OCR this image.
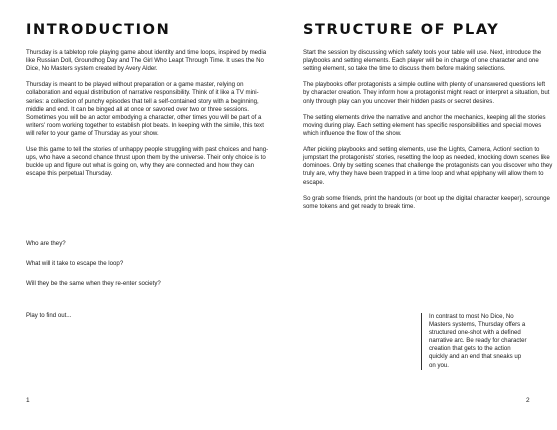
INTRODUCTION

Thursday is a tabletop role playing game about identity and time loops, inspired by media like Russian Doll, Groundhog Day and The Girl Who Leapt Through Time. It uses the No Dice, No Masters system created by Avery Alder.

Thursday is meant to be played without preparation or a game master, relying on collaboration and equal distribution of narrative responsibility. Think of it like a TV mini-series: a collection of punchy episodes that tell a self-contained story with a beginning, middle and end. It can be binged all at once or savored over two or three sessions. Sometimes you will be an actor embodying a character, other times you will be part of a writers' room working together to establish plot beats. In keeping with the simile, this text will refer to your game of Thursday as your show.

Use this game to tell the stories of unhappy people struggling with past choices and hang-ups, who have a second chance thrust upon them by the universe. Their only choice is to buckle up and figure out what is going on, why they are connected and how they can escape this perpetual Thursday.

Who are they?
What will it take to escape the loop?
Will they be the same when they re-enter society?
Play to find out...
1
STRUCTURE OF PLAY

Start the session by discussing which safety tools your table will use. Next, introduce the playbooks and setting elements. Each player will be in charge of one character and one setting element, so take the time to discuss them before making selections.

The playbooks offer protagonists a simple outline with plenty of unanswered questions left by character creation. They inform how a protagonist might react or interpret a situation, but only through play can you uncover their hidden pasts or secret desires.

The setting elements drive the narrative and anchor the mechanics, keeping all the stories moving during play. Each setting element has specific responsibilities and special moves which influence the flow of the show.

After picking playbooks and setting elements, use the Lights, Camera, Action! section to jumpstart the protagonists' stories, resetting the loop as needed, knocking down scenes like dominoes. Only by setting scenes that challenge the protagonists can you discover who they truly are, why they have been trapped in a time loop and what epiphany will allow them to escape.

So grab some friends, print the handouts (or boot up the digital character keeper), scrounge some tokens and get ready to break time.

2
In contrast to most No Dice, No Masters systems, Thursday offers a structured one-shot with a defined narrative arc. Be ready for character creation that gets to the action quickly and an end that sneaks up on you.
